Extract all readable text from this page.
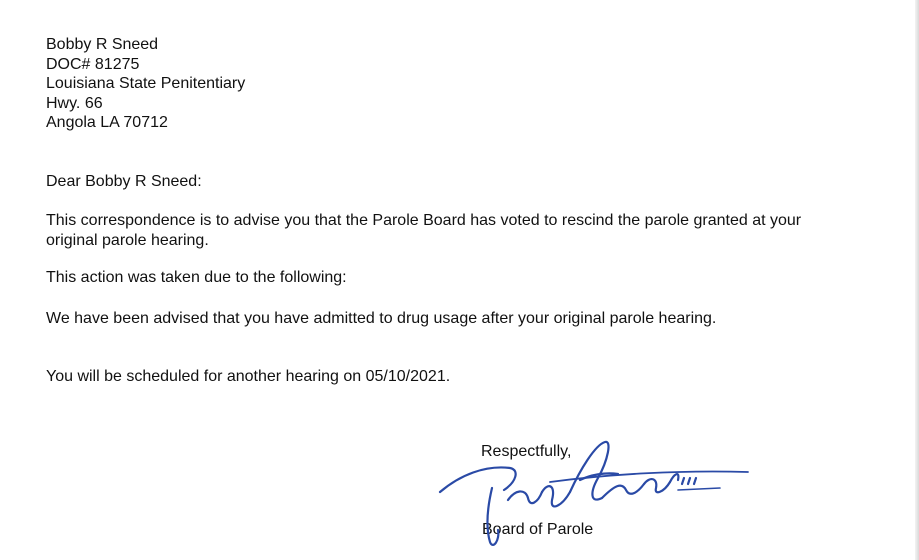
Bobby R Sneed
DOC# 81275
Louisiana State Penitentiary
Hwy. 66
Angola LA 70712
Dear Bobby R Sneed:
This correspondence is to advise you that the Parole Board has voted to rescind the parole granted at your original parole hearing.
This action was taken due to the following:
We have been advised that you have admitted to drug usage after your original parole hearing.
You will be scheduled for another hearing on 05/10/2021.
Respectfully,
Board of Parole
III
